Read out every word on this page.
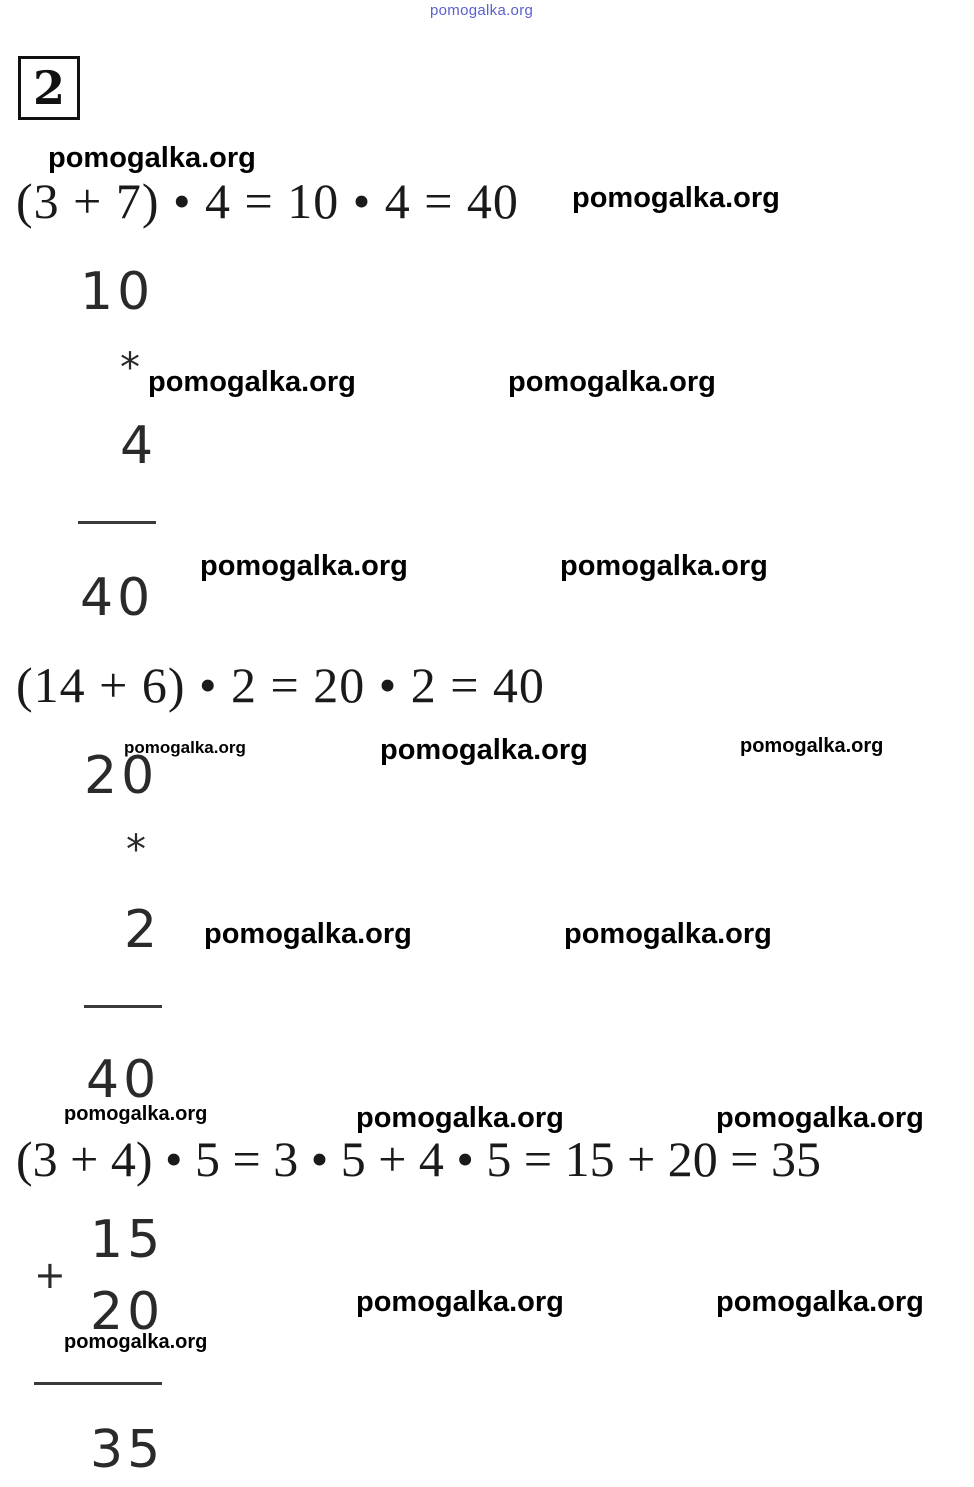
pomogalka.org
2
pomogalka.org
(3 + 7) • 4 = 10 • 4 = 40 pomogalka.org
10
* pomogalka.org	pomogalka.org
4
40
pomogalka.org	pomogalka.org
(14 + 6) • 2 = 20 • 2 = 40
20
pomogalka.org	pomogalka.org	pomogalka.org
*
2 pomogalka.org	pomogalka.org
40
pomogalka.org	pomogalka.org	pomogalka.org
(3 + 4) • 5 = 3 • 5 + 4 • 5 = 15 + 20 = 35
15
+
20	pomogalka.org	pomogalka.org
pomogalka.org
35
